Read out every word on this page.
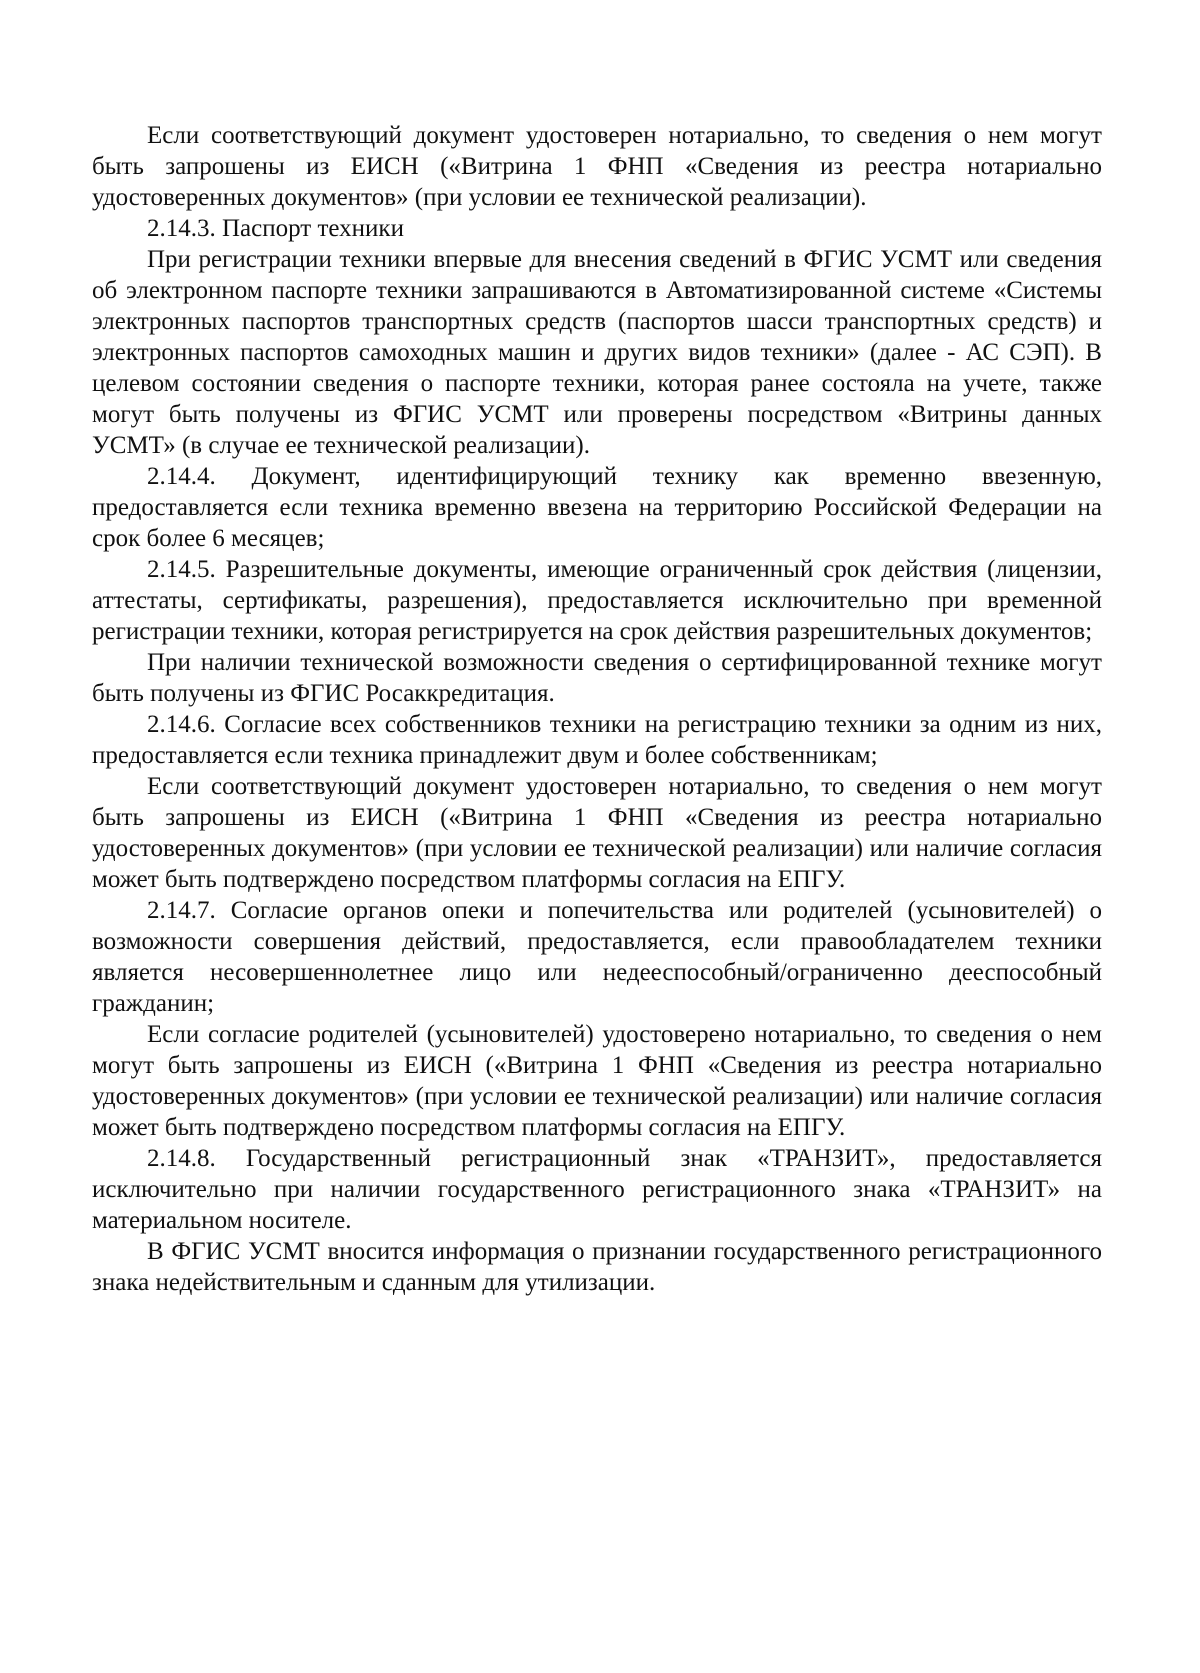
Если соответствующий документ удостоверен нотариально, то сведения о нем могут быть запрошены из ЕИСН («Витрина 1 ФНП «Сведения из реестра нотариально удостоверенных документов» (при условии ее технической реализации).

2.14.3. Паспорт техники

При регистрации техники впервые для внесения сведений в ФГИС УСМТ или сведения об электронном паспорте техники запрашиваются в Автоматизированной системе «Системы электронных паспортов транспортных средств (паспортов шасси транспортных средств) и электронных паспортов самоходных машин и других видов техники» (далее - АС СЭП). В целевом состоянии сведения о паспорте техники, которая ранее состояла на учете, также могут быть получены из ФГИС УСМТ или проверены посредством «Витрины данных УСМТ» (в случае ее технической реализации).

2.14.4. Документ, идентифицирующий технику как временно ввезенную, предоставляется если техника временно ввезена на территорию Российской Федерации на срок более 6 месяцев;

2.14.5. Разрешительные документы, имеющие ограниченный срок действия (лицензии, аттестаты, сертификаты, разрешения), предоставляется исключительно при временной регистрации техники, которая регистрируется на срок действия разрешительных документов;

При наличии технической возможности сведения о сертифицированной технике могут быть получены из ФГИС Росаккредитация.

2.14.6. Согласие всех собственников техники на регистрацию техники за одним из них, предоставляется если техника принадлежит двум и более собственникам;

Если соответствующий документ удостоверен нотариально, то сведения о нем могут быть запрошены из ЕИСН («Витрина 1 ФНП «Сведения из реестра нотариально удостоверенных документов» (при условии ее технической реализации) или наличие согласия может быть подтверждено посредством платформы согласия на ЕПГУ.

2.14.7. Согласие органов опеки и попечительства или родителей (усыновителей) о возможности совершения действий, предоставляется, если правообладателем техники является несовершеннолетнее лицо или недееспособный/ограниченно дееспособный гражданин;

Если согласие родителей (усыновителей) удостоверено нотариально, то сведения о нем могут быть запрошены из ЕИСН («Витрина 1 ФНП «Сведения из реестра нотариально удостоверенных документов» (при условии ее технической реализации) или наличие согласия может быть подтверждено посредством платформы согласия на ЕПГУ.

2.14.8. Государственный регистрационный знак «ТРАНЗИТ», предоставляется исключительно при наличии государственного регистрационного знака «ТРАНЗИТ» на материальном носителе.

В ФГИС УСМТ вносится информация о признании государственного регистрационного знака недействительным и сданным для утилизации.
